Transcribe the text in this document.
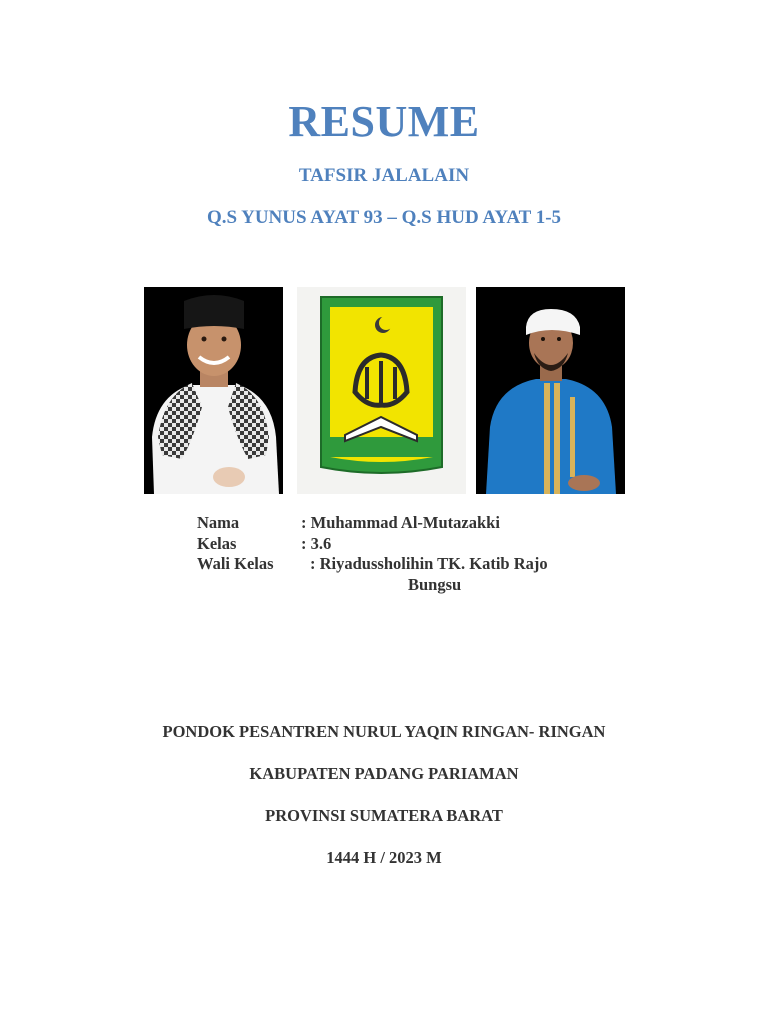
RESUME
TAFSIR JALALAIN
Q.S YUNUS AYAT 93 – Q.S HUD AYAT 1-5
Nama	: Muhammad Al-Mutazakki
Kelas	: 3.6
Wali Kelas : Riyadussholihin TK. Katib Rajo
Bungsu
PONDOK PESANTREN NURUL YAQIN RINGAN- RINGAN
KABUPATEN PADANG PARIAMAN
PROVINSI SUMATERA BARAT
1444 H / 2023 M
